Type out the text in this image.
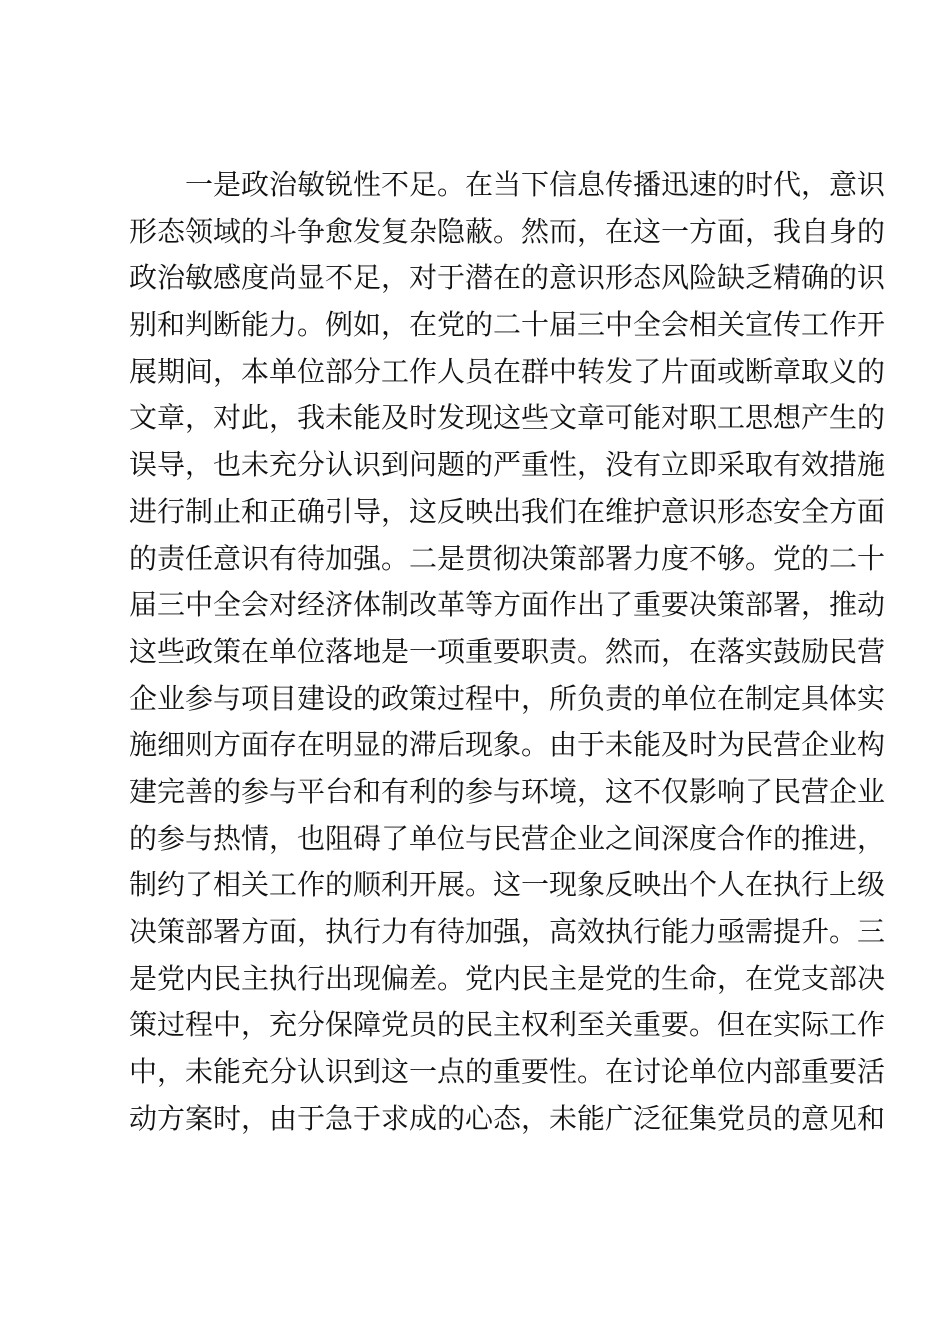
一是政治敏锐性不足。在当下信息传播迅速的时代，意识
形态领域的斗争愈发复杂隐蔽。然而，在这一方面，我自身的
政治敏感度尚显不足，对于潜在的意识形态风险缺乏精确的识
别和判断能力。例如，在党的二十届三中全会相关宣传工作开
展期间，本单位部分工作人员在群中转发了片面或断章取义的
文章，对此，我未能及时发现这些文章可能对职工思想产生的
误导，也未充分认识到问题的严重性，没有立即采取有效措施
进行制止和正确引导，这反映出我们在维护意识形态安全方面
的责任意识有待加强。二是贯彻决策部署力度不够。党的二十
届三中全会对经济体制改革等方面作出了重要决策部署，推动
这些政策在单位落地是一项重要职责。然而，在落实鼓励民营
企业参与项目建设的政策过程中，所负责的单位在制定具体实
施细则方面存在明显的滞后现象。由于未能及时为民营企业构
建完善的参与平台和有利的参与环境，这不仅影响了民营企业
的参与热情，也阻碍了单位与民营企业之间深度合作的推进，
制约了相关工作的顺利开展。这一现象反映出个人在执行上级
决策部署方面，执行力有待加强，高效执行能力亟需提升。三
是党内民主执行出现偏差。党内民主是党的生命，在党支部决
策过程中，充分保障党员的民主权利至关重要。但在实际工作
中，未能充分认识到这一点的重要性。在讨论单位内部重要活
动方案时，由于急于求成的心态，未能广泛征集党员的意见和
